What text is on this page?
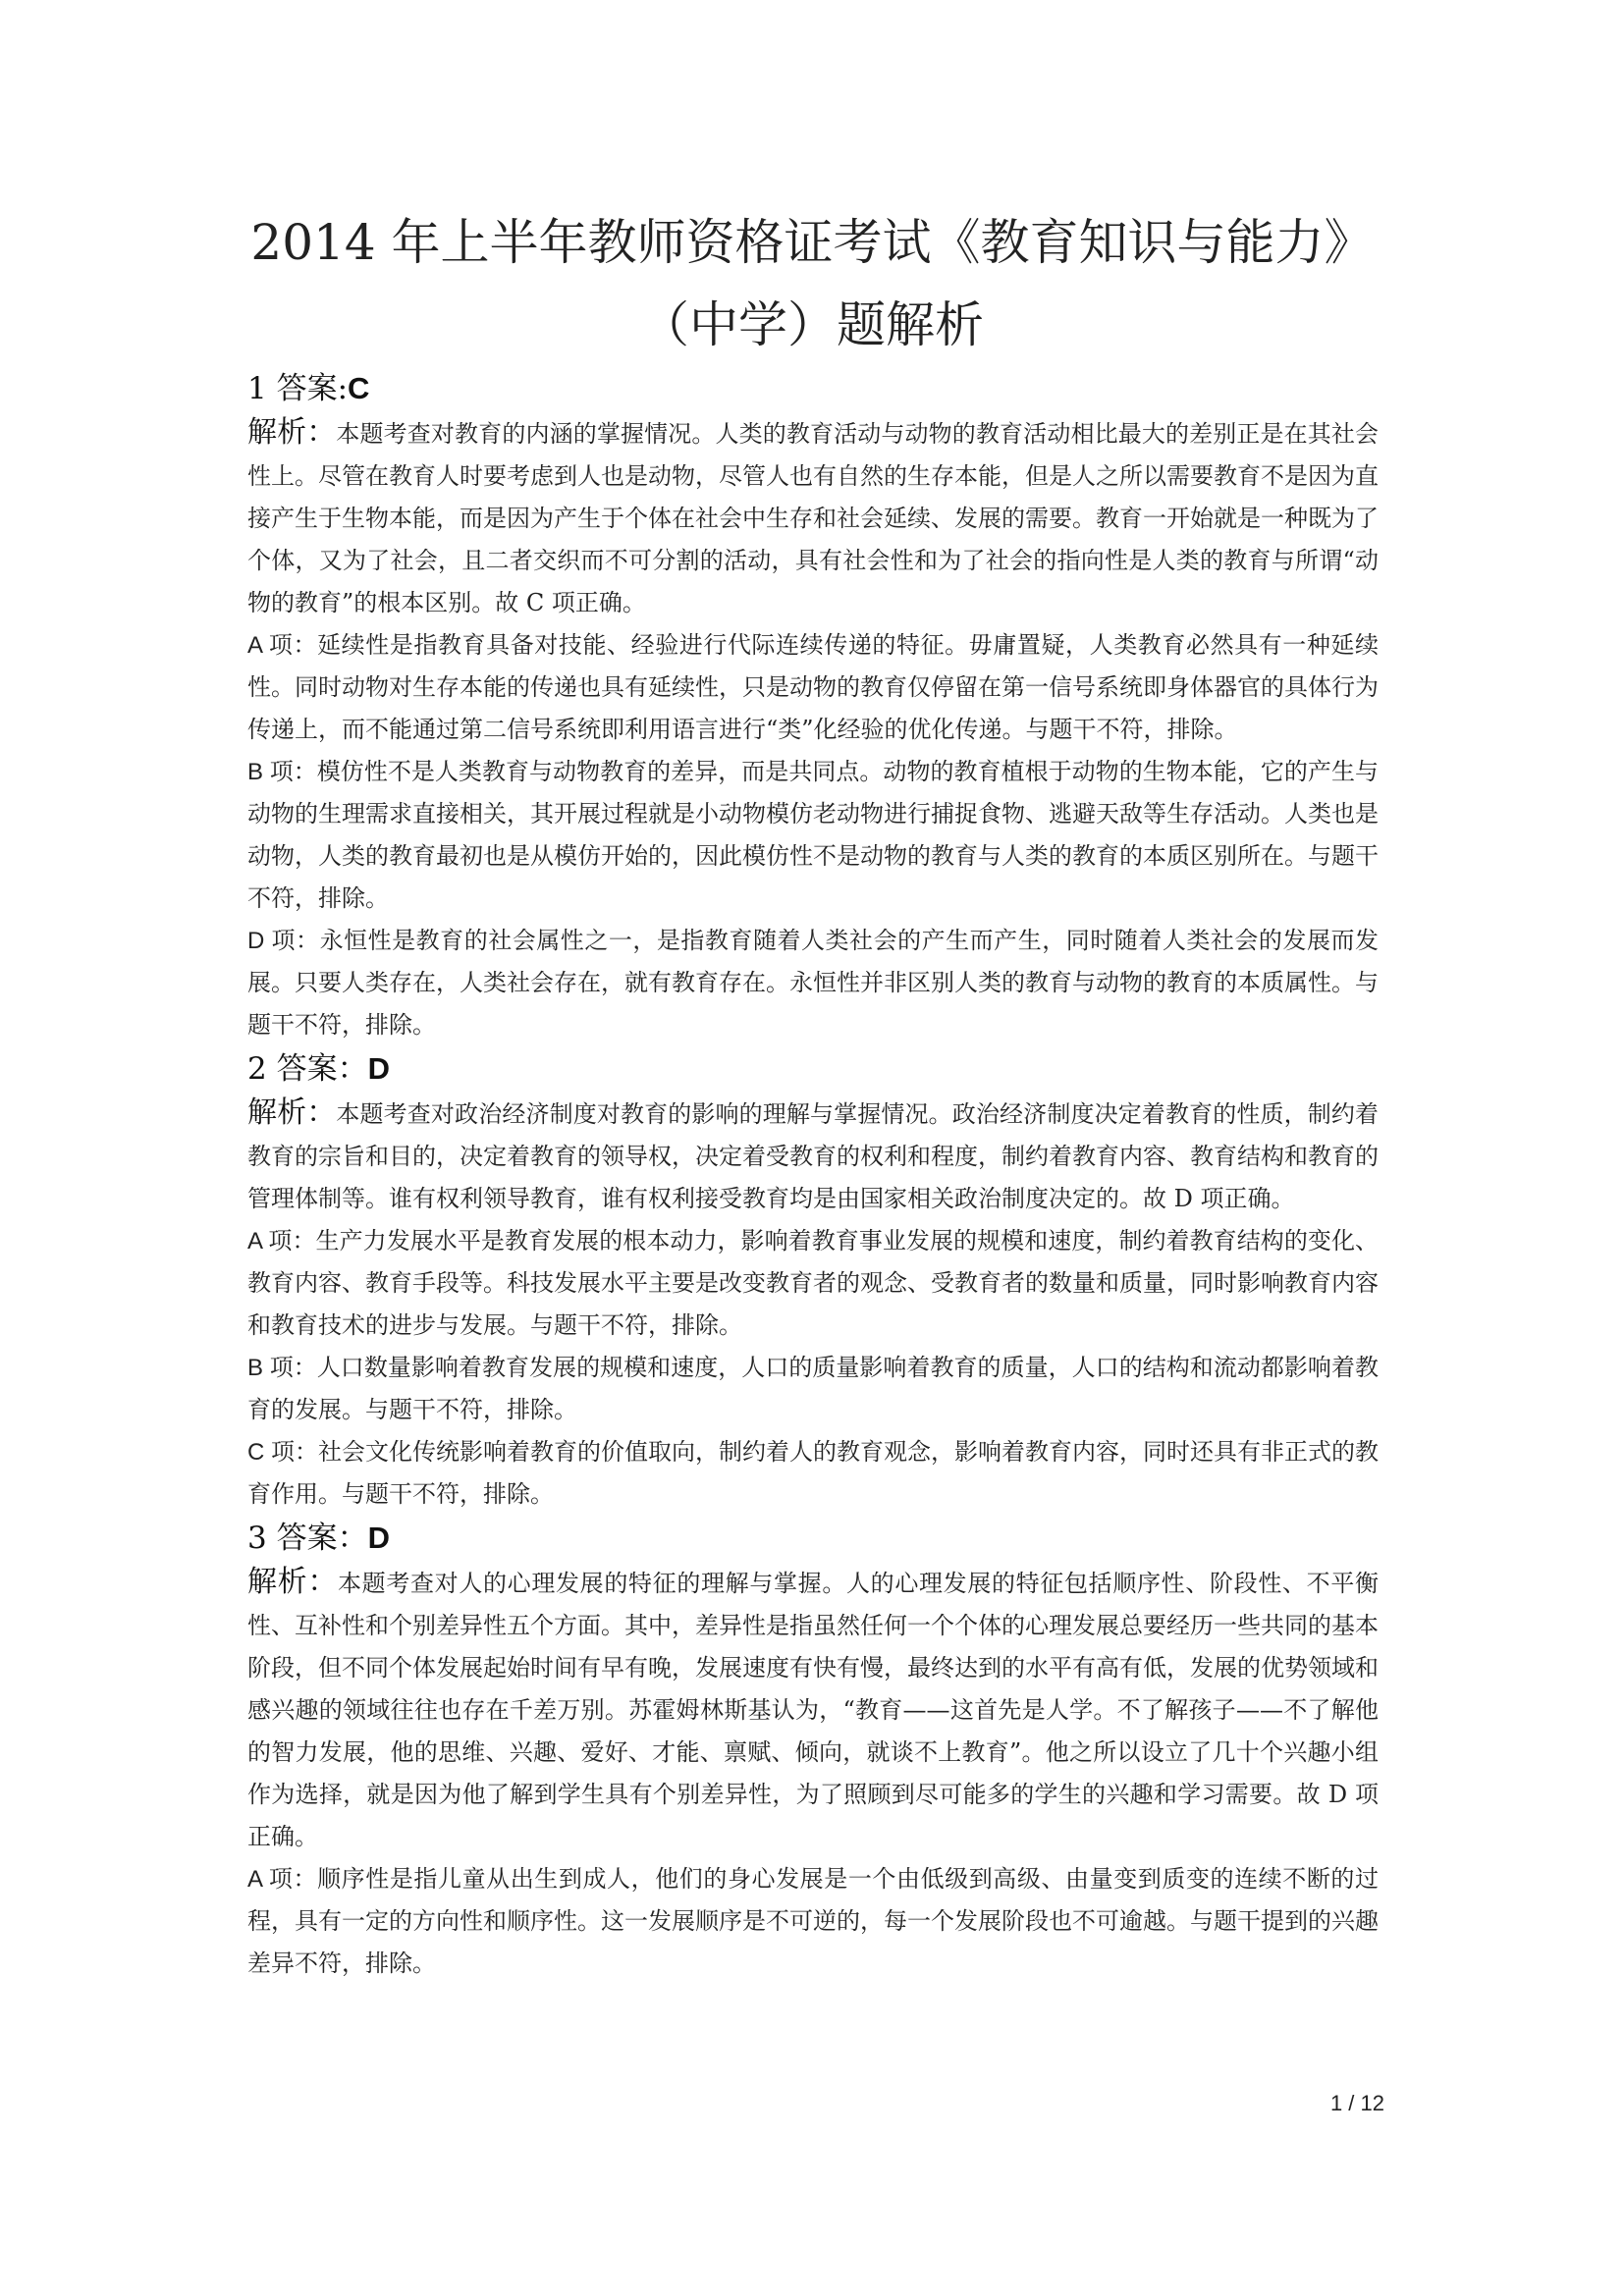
2014 年上半年教师资格证考试《教育知识与能力》（中学）题解析

1 答案:C

解析：本题考查对教育的内涵的掌握情况。人类的教育活动与动物的教育活动相比最大的差别正是在其社会性上。尽管在教育人时要考虑到人也是动物，尽管人也有自然的生存本能，但是人之所以需要教育不是因为直接产生于生物本能，而是因为产生于个体在社会中生存和社会延续、发展的需要。教育一开始就是一种既为了个体，又为了社会，且二者交织而不可分割的活动，具有社会性和为了社会的指向性是人类的教育与所谓“动物的教育”的根本区别。故 C 项正确。

A 项：延续性是指教育具备对技能、经验进行代际连续传递的特征。毋庸置疑，人类教育必然具有一种延续性。同时动物对生存本能的传递也具有延续性，只是动物的教育仅停留在第一信号系统即身体器官的具体行为传递上，而不能通过第二信号系统即利用语言进行“类”化经验的优化传递。与题干不符，排除。

B 项：模仿性不是人类教育与动物教育的差异，而是共同点。动物的教育植根于动物的生物本能，它的产生与动物的生理需求直接相关，其开展过程就是小动物模仿老动物进行捕捉食物、逃避天敌等生存活动。人类也是动物，人类的教育最初也是从模仿开始的，因此模仿性不是动物的教育与人类的教育的本质区别所在。与题干不符，排除。

D 项：永恒性是教育的社会属性之一，是指教育随着人类社会的产生而产生，同时随着人类社会的发展而发展。只要人类存在，人类社会存在，就有教育存在。永恒性并非区别人类的教育与动物的教育的本质属性。与题干不符，排除。

2 答案：D

解析：本题考查对政治经济制度对教育的影响的理解与掌握情况。政治经济制度决定着教育的性质，制约着教育的宗旨和目的，决定着教育的领导权，决定着受教育的权利和程度，制约着教育内容、教育结构和教育的管理体制等。谁有权利领导教育，谁有权利接受教育均是由国家相关政治制度决定的。故 D 项正确。

A 项：生产力发展水平是教育发展的根本动力，影响着教育事业发展的规模和速度，制约着教育结构的变化、教育内容、教育手段等。科技发展水平主要是改变教育者的观念、受教育者的数量和质量，同时影响教育内容和教育技术的进步与发展。与题干不符，排除。

B 项：人口数量影响着教育发展的规模和速度，人口的质量影响着教育的质量，人口的结构和流动都影响着教育的发展。与题干不符，排除。

C 项：社会文化传统影响着教育的价值取向，制约着人的教育观念，影响着教育内容，同时还具有非正式的教育作用。与题干不符，排除。

3 答案：D

解析：本题考查对人的心理发展的特征的理解与掌握。人的心理发展的特征包括顺序性、阶段性、不平衡性、互补性和个别差异性五个方面。其中，差异性是指虽然任何一个个体的心理发展总要经历一些共同的基本阶段，但不同个体发展起始时间有早有晚，发展速度有快有慢，最终达到的水平有高有低，发展的优势领域和感兴趣的领域往往也存在千差万别。苏霍姆林斯基认为，“教育——这首先是人学。不了解孩子——不了解他的智力发展，他的思维、兴趣、爱好、才能、禀赋、倾向，就谈不上教育”。他之所以设立了几十个兴趣小组作为选择，就是因为他了解到学生具有个别差异性，为了照顾到尽可能多的学生的兴趣和学习需要。故 D 项正确。

A 项：顺序性是指儿童从出生到成人，他们的身心发展是一个由低级到高级、由量变到质变的连续不断的过程，具有一定的方向性和顺序性。这一发展顺序是不可逆的，每一个发展阶段也不可逾越。与题干提到的兴趣差异不符，排除。

1 / 12
